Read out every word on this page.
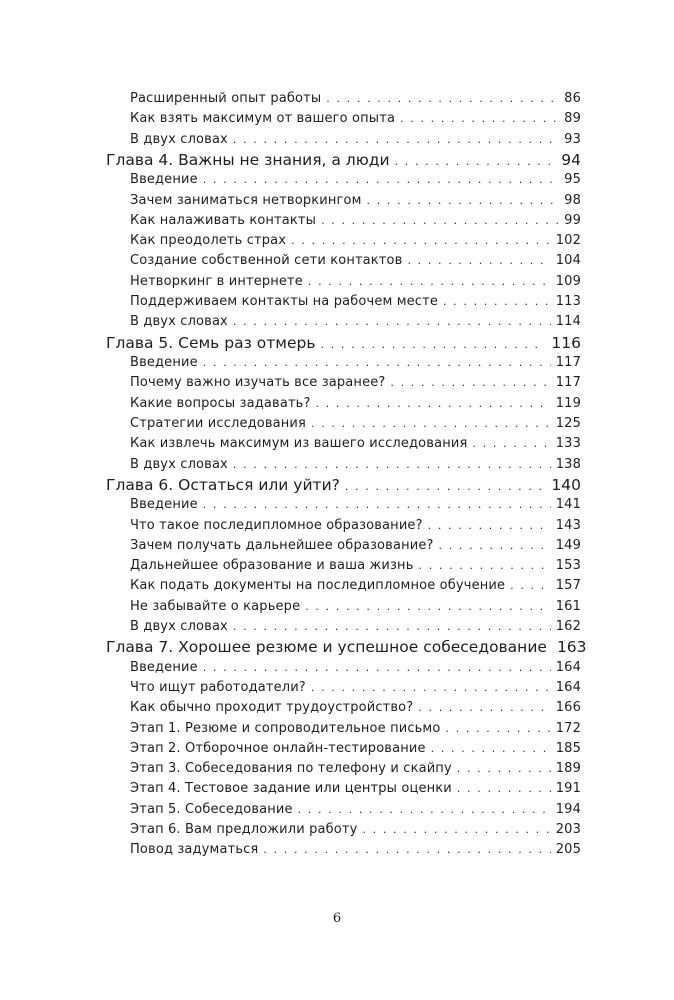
Расширенный опыт работы . . .	86
Как взять максимум от вашего опыта . . .	89
В двух словах . . .	93
Глава 4. Важны не знания, а люди . . .	94
Введение . . .	95
Зачем заниматься нетворкингом . . .	98
Как налаживать контакты . . .	99
Как преодолеть страх . . .	102
Создание собственной сети контактов . . .	104
Нетворкинг в интернете . . .	109
Поддерживаем контакты на рабочем месте . . .	113
В двух словах . . .	114
Глава 5. Семь раз отмерь . . .	116
Введение . . .	117
Почему важно изучать все заранее? . . .	117
Какие вопросы задавать? . . .	119
Стратегии исследования . . .	125
Как извлечь максимум из вашего исследования . . .	133
В двух словах . . .	138
Глава 6. Остаться или уйти? . . .	140
Введение . . .	141
Что такое последипломное образование? . . .	143
Зачем получать дальнейшее образование? . . .	149
Дальнейшее образование и ваша жизнь . . .	153
Как подать документы на последипломное обучение . . .	157
Не забывайте о карьере . . .	161
В двух словах . . .	162
Глава 7. Хорошее резюме и успешное собеседование 163
Введение . . .	164
Что ищут работодатели? . . .	164
Как обычно проходит трудоустройство? . . .	166
Этап 1. Резюме и сопроводительное письмо . . .	172
Этап 2. Отборочное онлайн-тестирование . . .	185
Этап 3. Собеседования по телефону и скайпу . . .	189
Этап 4. Тестовое задание или центры оценки . . .	191
Этап 5. Собеседование . . .	194
Этап 6. Вам предложили работу . . .	203
Повод задуматься . . .	205
6
